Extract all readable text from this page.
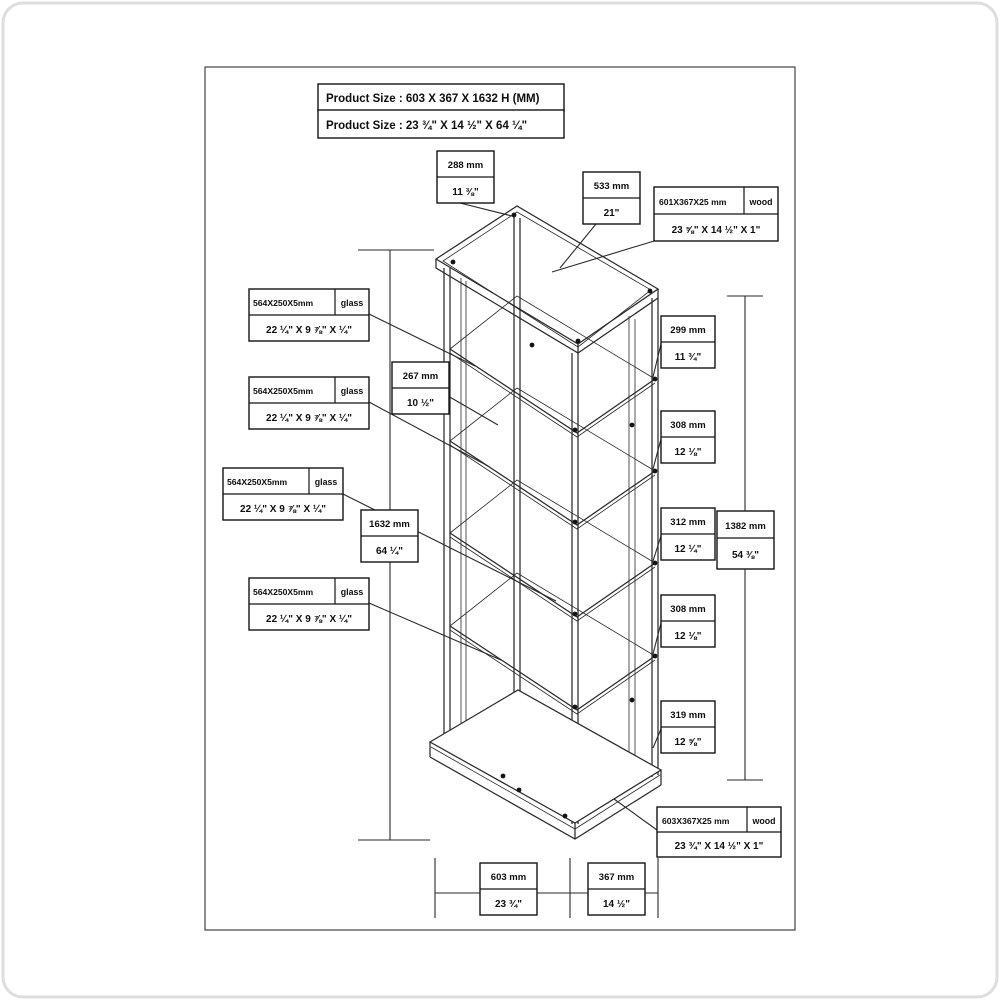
Product Size : 603 X 367 X 1632 H (MM)
Product Size : 23 ¾" X 14 ½" X 64 ¼"
288 mm
11 ⅜"
533 mm
21"
601X367X25 mm	wood
23 ⅝" X 14 ½" X 1"
564X250X5mm	glass
22 ¼" X 9 ⅞" X ¼"
564X250X5mm	glass
22 ¼" X 9 ⅞" X ¼"
267 mm
10 ½"
564X250X5mm	glass
22 ¼" X 9 ⅞" X ¼"
1632 mm
64 ¼"
564X250X5mm	glass
22 ¼" X 9 ⅞" X ¼"
299 mm
11 ¾"
308 mm
12 ⅛"
312 mm
12 ¼"
1382 mm
54 ⅜"
308 mm
12 ⅛"
319 mm
12 ⅝"
603X367X25 mm	wood
23 ¾" X 14 ½" X 1"
603 mm
23 ¾"
367 mm
14 ½"
